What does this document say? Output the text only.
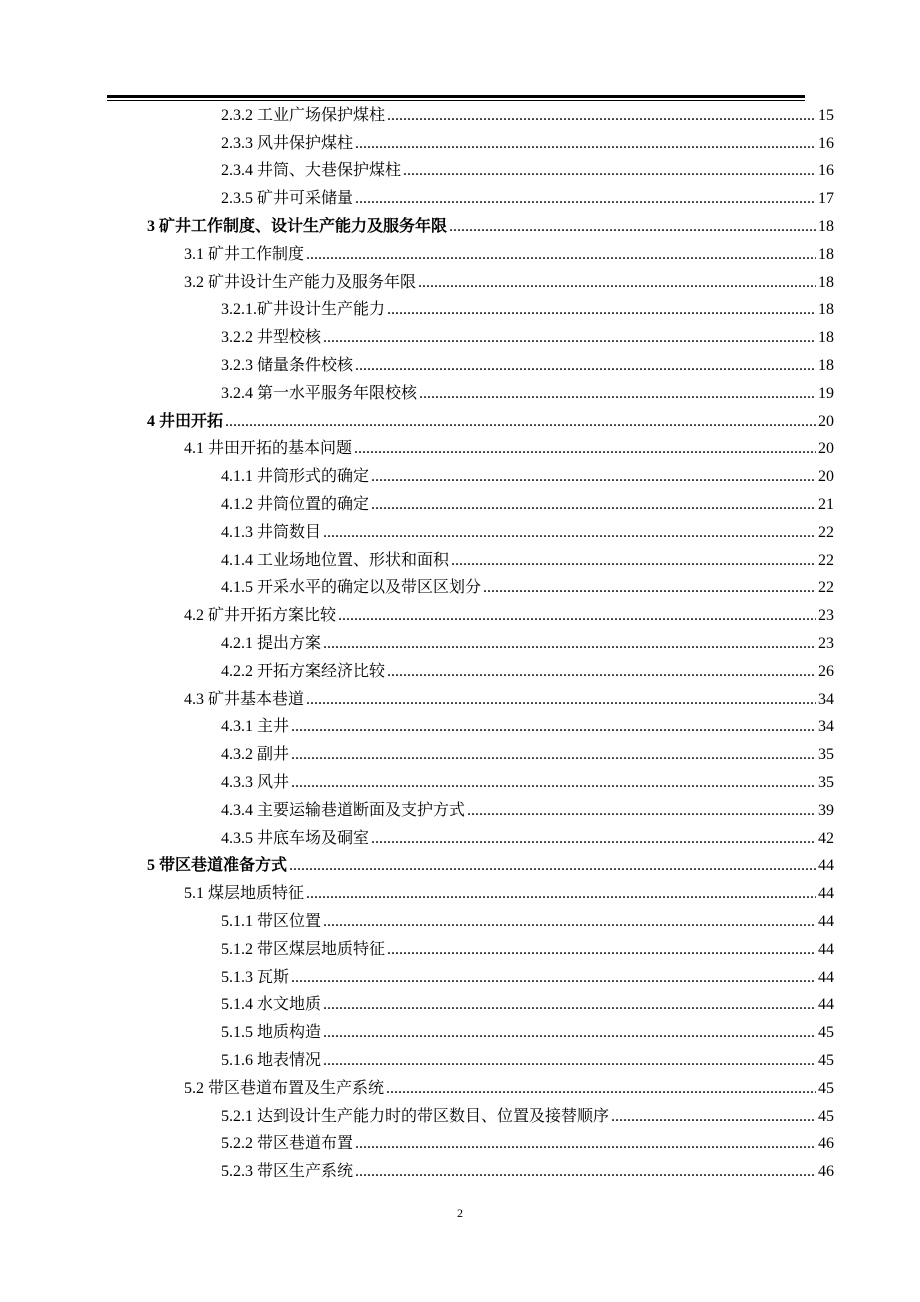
2.3.2 工业广场保护煤柱 .....	15
2.3.3 风井保护煤柱 .....	16
2.3.4 井筒、大巷保护煤柱 .....	16
2.3.5 矿井可采储量 .....	17
3 矿井工作制度、设计生产能力及服务年限 .....	18
3.1 矿井工作制度 .....	18
3.2 矿井设计生产能力及服务年限 .....	18
3.2.1.矿井设计生产能力 .....	18
3.2.2 井型校核 .....	18
3.2.3 储量条件校核 .....	18
3.2.4 第一水平服务年限校核 .....	19
4 井田开拓 .....	20
4.1 井田开拓的基本问题 .....	20
4.1.1 井筒形式的确定 .....	20
4.1.2 井筒位置的确定 .....	21
4.1.3 井筒数目 .....	22
4.1.4 工业场地位置、形状和面积 .....	22
4.1.5 开采水平的确定以及带区区划分 .....	22
4.2 矿井开拓方案比较 .....	23
4.2.1 提出方案 .....	23
4.2.2 开拓方案经济比较 .....	26
4.3 矿井基本巷道 .....	34
4.3.1 主井 .....	34
4.3.2 副井 .....	35
4.3.3 风井 .....	35
4.3.4 主要运输巷道断面及支护方式 .....	39
4.3.5 井底车场及硐室 .....	42
5 带区巷道准备方式 .....	44
5.1 煤层地质特征 .....	44
5.1.1 带区位置 .....	44
5.1.2 带区煤层地质特征 .....	44
5.1.3 瓦斯 .....	44
5.1.4 水文地质 .....	44
5.1.5 地质构造 .....	45
5.1.6 地表情况 .....	45
5.2 带区巷道布置及生产系统 .....	45
5.2.1 达到设计生产能力时的带区数目、位置及接替顺序 .....	45
5.2.2 带区巷道布置 .....	46
5.2.3 带区生产系统 .....	46
2
